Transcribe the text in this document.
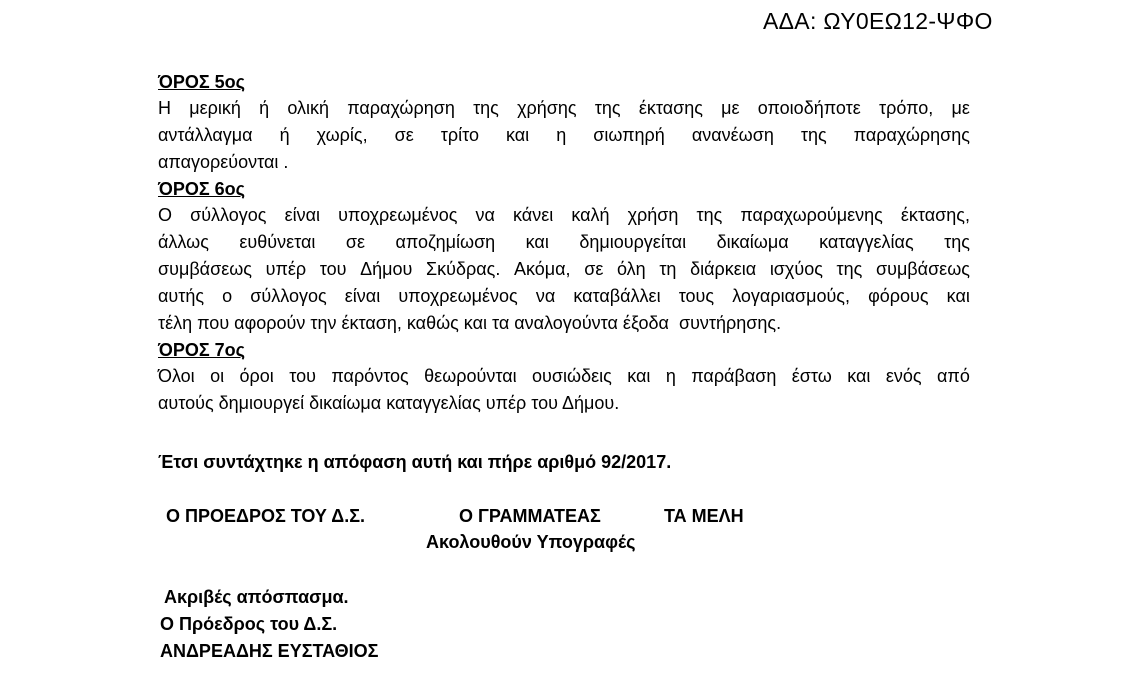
ΑΔΑ: ΩΥ0ΕΩ12-ΨΦΟ
ΌΡΟΣ 5ος
Η μερική ή ολική παραχώρηση της χρήσης της έκτασης με οποιοδήποτε τρόπο, με
αντάλλαγμα ή χωρίς, σε τρίτο και η σιωπηρή ανανέωση της παραχώρησης
απαγορεύονται .
ΌΡΟΣ 6ος
Ο σύλλογος είναι υποχρεωμένος να κάνει καλή χρήση της παραχωρούμενης έκτασης,
άλλως ευθύνεται σε αποζημίωση και δημιουργείται δικαίωμα καταγγελίας της
συμβάσεως υπέρ του Δήμου Σκύδρας. Ακόμα, σε όλη τη διάρκεια ισχύος της συμβάσεως
αυτής ο σύλλογος είναι υποχρεωμένος να καταβάλλει τους λογαριασμούς, φόρους και
τέλη που αφορούν την έκταση, καθώς και τα αναλογούντα έξοδα  συντήρησης.
ΌΡΟΣ 7ος
Όλοι οι όροι του παρόντος θεωρούνται ουσιώδεις και η παράβαση έστω και ενός από
αυτούς δημιουργεί δικαίωμα καταγγελίας υπέρ του Δήμου.
Έτσι συντάχτηκε η απόφαση αυτή και πήρε αριθμό 92/2017.
Ο ΠΡΟΕΔΡΟΣ ΤΟΥ Δ.Σ.	Ο ΓΡΑΜΜΑΤΕΑΣ	ΤΑ ΜΕΛΗ
Ακολουθούν Υπογραφές
Ακριβές απόσπασμα.
Ο Πρόεδρος του Δ.Σ.
ΑΝΔΡΕΑΔΗΣ ΕΥΣΤΑΘΙΟΣ
